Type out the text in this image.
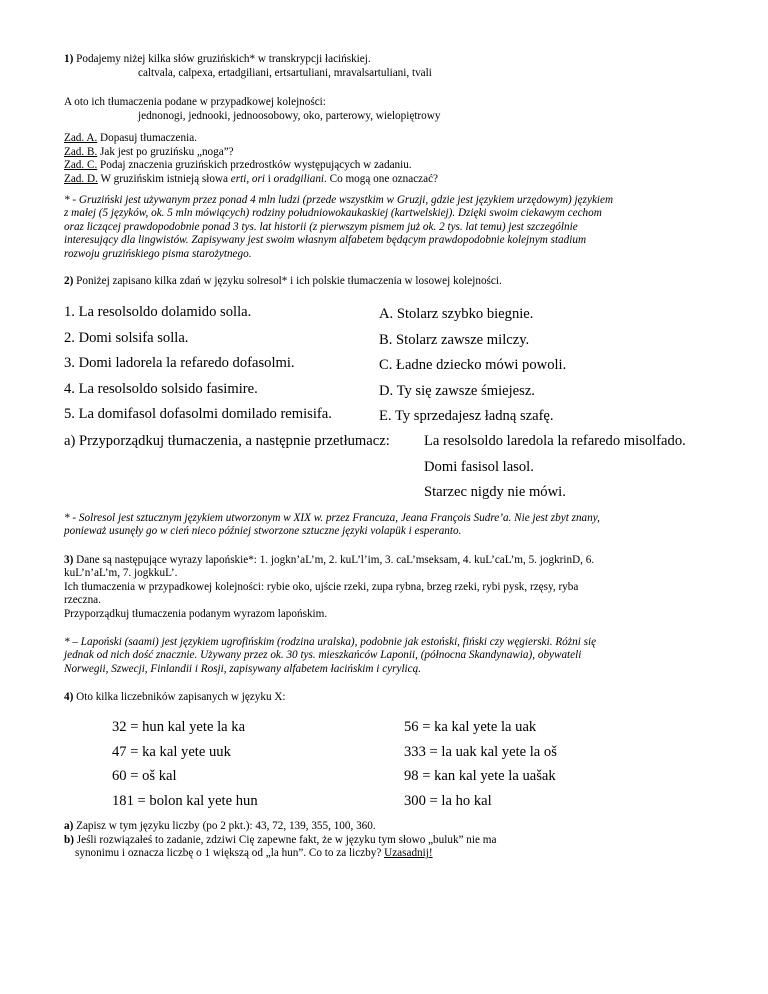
1) Podajemy niżej kilka słów gruzińskich* w transkrypcji łacińskiej.
caltvala, calpexa, ertadgiliani, ertsartuliani, mravalsartuliani, tvali
A oto ich tłumaczenia podane w przypadkowej kolejności:
jednonogi, jednooki, jednoosobowy, oko, parterowy, wielopiętrowy
Zad. A. Dopasuj tłumaczenia.
Zad. B. Jak jest po gruzińsku „noga”?
Zad. C. Podaj znaczenia gruzińskich przedrostków występujących w zadaniu.
Zad. D. W gruzińskim istnieją słowa erti, ori i oradgiliani. Co mogą one oznaczać?
* - Gruziński jest używanym przez ponad 4 mln ludzi (przede wszystkim w Gruzji, gdzie jest językiem urzędowym) językiem
z małej (5 języków, ok. 5 mln mówiących) rodziny południowokaukaskiej (kartwelskiej). Dzięki swoim ciekawym cechom
oraz liczącej prawdopodobnie ponad 3 tys. lat historii (z pierwszym pismem już ok. 2 tys. lat temu) jest szczególnie
interesujący dla lingwistów. Zapisywany jest swoim własnym alfabetem będącym prawdopodobnie kolejnym stadium
rozwoju gruzińskiego pisma starożytnego.
2) Poniżej zapisano kilka zdań w języku solresol* i ich polskie tłumaczenia w losowej kolejności.
1. La resolsoldo dolamido solla.
2. Domi solsifa solla.
3. Domi ladorela la refaredo dofasolmi.
4. La resolsoldo solsido fasimire.
5. La domifasol dofasolmi domilado remisifa.
A. Stolarz szybko biegnie.
B. Stolarz zawsze milczy.
C. Ładne dziecko mówi powoli.
D. Ty się zawsze śmiejesz.
E. Ty sprzedajesz ładną szafę.
a) Przyporządkuj tłumaczenia, a następnie przetłumacz: La resolsoldo laredola la refaredo misolfado.
Domi fasisol lasol.
Starzec nigdy nie mówi.
* - Solresol jest sztucznym językiem utworzonym w XIX w. przez Francuza, Jeana François Sudre’a. Nie jest zbyt znany,
ponieważ usunęły go w cień nieco później stworzone sztuczne języki volapük i esperanto.
3) Dane są następujące wyrazy lapońskie*: 1. jogkn’aL’m, 2. kuL’l’im, 3. caL’mseksam, 4. kuL’caL’m, 5. jogkrinD, 6.
kuL’n’aL’m, 7. jogkkuL’.
Ich tłumaczenia w przypadkowej kolejności: rybie oko, ujście rzeki, zupa rybna, brzeg rzeki, rybi pysk, rzęsy, ryba
rzeczna.
Przyporządkuj tłumaczenia podanym wyrazom lapońskim.
* – Lapoński (saami) jest językiem ugrofińskim (rodzina uralska), podobnie jak estoński, fiński czy węgierski. Różni się
jednak od nich dość znacznie. Używany przez ok. 30 tys. mieszkańców Laponii, (północna Skandynawia), obywateli
Norwegii, Szwecji, Finlandii i Rosji, zapisywany alfabetem łacińskim i cyrylicą.
4) Oto kilka liczebników zapisanych w języku X:
32 = hun kal yete la ka
47 = ka kal yete uuk
60 = oš kal
181 = bolon kal yete hun
56 = ka kal yete la uak
333 = la uak kal yete la oš
98 = kan kal yete la uašak
300 = la ho kal
a) Zapisz w tym języku liczby (po 2 pkt.): 43, 72, 139, 355, 100, 360.
b) Jeśli rozwiązałeś to zadanie, zdziwi Cię zapewne fakt, że w języku tym słowo „buluk” nie ma
synonimu i oznacza liczbę o 1 większą od „la hun”. Co to za liczby? Uzasadnij!
